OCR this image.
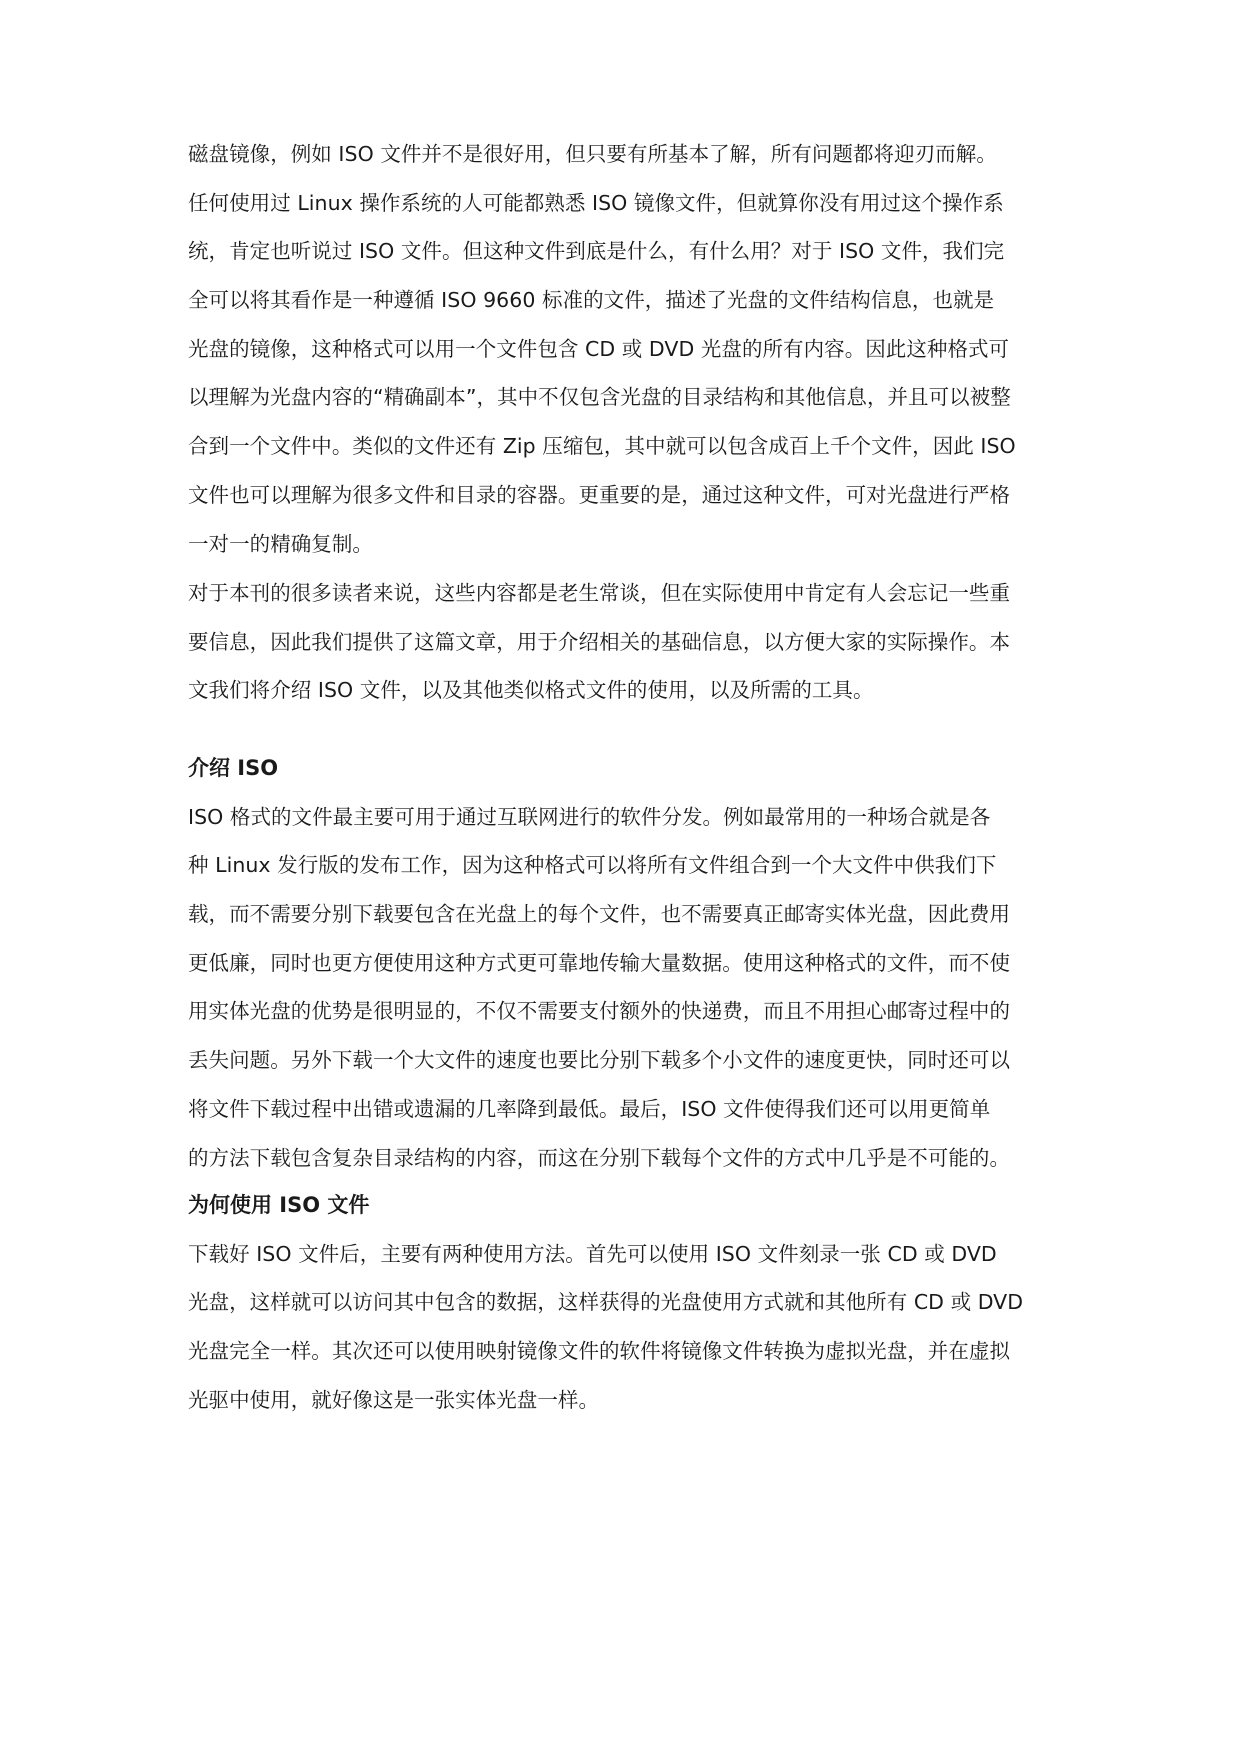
磁盘镜像，例如 ISO 文件并不是很好用，但只要有所基本了解，所有问题都将迎刃而解。
任何使用过 Linux 操作系统的人可能都熟悉 ISO 镜像文件，但就算你没有用过这个操作系
统，肯定也听说过 ISO 文件。但这种文件到底是什么，有什么用？对于 ISO 文件，我们完
全可以将其看作是一种遵循 ISO 9660 标准的文件，描述了光盘的文件结构信息，也就是
光盘的镜像，这种格式可以用一个文件包含 CD 或 DVD 光盘的所有内容。因此这种格式可
以理解为光盘内容的“精确副本”，其中不仅包含光盘的目录结构和其他信息，并且可以被整
合到一个文件中。类似的文件还有 Zip 压缩包，其中就可以包含成百上千个文件，因此 ISO
文件也可以理解为很多文件和目录的容器。更重要的是，通过这种文件，可对光盘进行严格
一对一的精确复制。
对于本刊的很多读者来说，这些内容都是老生常谈，但在实际使用中肯定有人会忘记一些重
要信息，因此我们提供了这篇文章，用于介绍相关的基础信息，以方便大家的实际操作。本
文我们将介绍 ISO 文件，以及其他类似格式文件的使用，以及所需的工具。
介绍 ISO
ISO 格式的文件最主要可用于通过互联网进行的软件分发。例如最常用的一种场合就是各
种 Linux 发行版的发布工作，因为这种格式可以将所有文件组合到一个大文件中供我们下
载，而不需要分别下载要包含在光盘上的每个文件，也不需要真正邮寄实体光盘，因此费用
更低廉，同时也更方便使用这种方式更可靠地传输大量数据。使用这种格式的文件，而不使
用实体光盘的优势是很明显的，不仅不需要支付额外的快递费，而且不用担心邮寄过程中的
丢失问题。另外下载一个大文件的速度也要比分别下载多个小文件的速度更快，同时还可以
将文件下载过程中出错或遗漏的几率降到最低。最后，ISO 文件使得我们还可以用更简单
的方法下载包含复杂目录结构的内容，而这在分别下载每个文件的方式中几乎是不可能的。
为何使用 ISO 文件
下载好 ISO 文件后，主要有两种使用方法。首先可以使用 ISO 文件刻录一张 CD 或 DVD
光盘，这样就可以访问其中包含的数据，这样获得的光盘使用方式就和其他所有 CD 或 DVD
光盘完全一样。其次还可以使用映射镜像文件的软件将镜像文件转换为虚拟光盘，并在虚拟
光驱中使用，就好像这是一张实体光盘一样。
